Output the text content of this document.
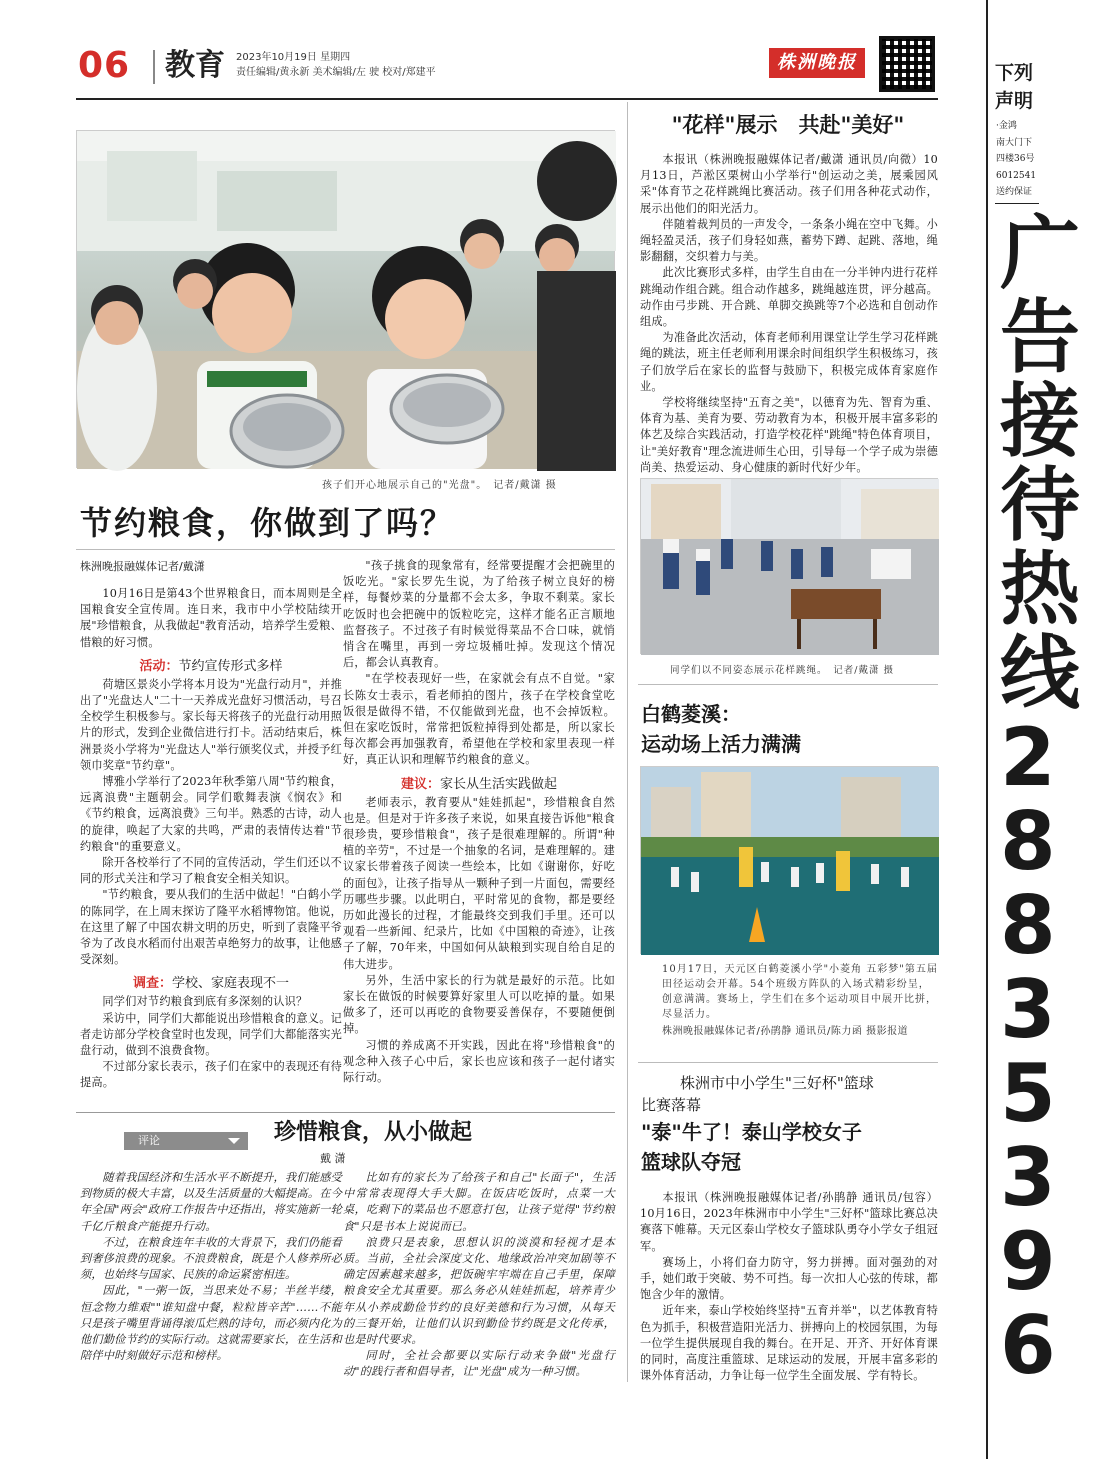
06 教育 2023年10月19日 星期四
责任编辑/黄永新 美术编辑/左 驶 校对/郑建平	株洲晚报	下列
声明
·金鸿
南大门下
四楼36号
6012541
送约保证
广
告
接
待
热
线
2
8
8
3
5
3
9
6
孩子们开心地展示自己的"光盘"。　记者/戴潇 摄
节约粮食，你做到了吗？
株洲晚报融媒体记者/戴潇

10月16日是第43个世界粮食日，而本周则是全国粮食安全宣传周。连日来，我市中小学校陆续开展"珍惜粮食，从我做起"教育活动，培养学生爱粮、惜粮的好习惯。

活动：节约宣传形式多样

荷塘区景炎小学将本月设为"光盘行动月"，并推出了"光盘达人"二十一天养成光盘好习惯活动，号召全校学生积极参与。家长每天将孩子的光盘行动用照片的形式，发到企业微信进行打卡。活动结束后，株洲景炎小学将为"光盘达人"举行颁奖仪式，并授予红领巾奖章"节约章"。

博雅小学举行了2023年秋季第八周"节约粮食，远离浪费"主题朝会。同学们歌舞表演《悯农》和《节约粮食，远离浪费》三句半。熟悉的古诗，动人的旋律，唤起了大家的共鸣，严肃的表情传达着"节约粮食"的重要意义。

除开各校举行了不同的宣传活动，学生们还以不同的形式关注和学习了粮食安全相关知识。

"节约粮食，要从我们的生活中做起！"白鹤小学的陈同学，在上周末探访了隆平水稻博物馆。他说，在这里了解了中国农耕文明的历史，听到了袁隆平爷爷为了改良水稻而付出艰苦卓绝努力的故事，让他感受深刻。

调查：学校、家庭表现不一

同学们对节约粮食到底有多深刻的认识？

采访中，同学们大都能说出珍惜粮食的意义。记者走访部分学校食堂时也发现，同学们大都能落实光盘行动，做到不浪费食物。

不过部分家长表示，孩子们在家中的表现还有待提高。

"孩子挑食的现象常有，经常要提醒才会把碗里的饭吃光。"家长罗先生说，为了给孩子树立良好的榜样，每餐炒菜的分量都不会太多，争取不剩菜。家长吃饭时也会把碗中的饭粒吃完，这样才能名正言顺地监督孩子。不过孩子有时候觉得菜品不合口味，就悄悄含在嘴里，再到一旁垃圾桶吐掉。发现这个情况后，都会认真教育。

"在学校表现好一些，在家就会有点不自觉。"家长陈女士表示，看老师拍的图片，孩子在学校食堂吃饭很是做得不错，不仅能做到光盘，也不会掉饭粒。但在家吃饭时，常常把饭粒掉得到处都是，所以家长每次都会再加强教育，希望他在学校和家里表现一样好，真正认识和理解节约粮食的意义。

建议：家长从生活实践做起

老师表示，教育要从"娃娃抓起"，珍惜粮食自然也是。但是对于许多孩子来说，如果直接告诉他"粮食很珍贵，要珍惜粮食"，孩子是很难理解的。所谓"种植的辛劳"，不过是一个抽象的名词，是难理解的。建议家长带着孩子阅读一些绘本，比如《谢谢你，好吃的面包》，让孩子指导从一颗种子到一片面包，需要经历哪些步骤。以此明白，平时常见的食物，都是要经历如此漫长的过程，才能最终交到我们手里。还可以观看一些新闻、纪录片，比如《中国粮的奇迹》，让孩子了解，70年来，中国如何从缺粮到实现自给自足的伟大进步。

另外，生活中家长的行为就是最好的示范。比如家长在做饭的时候要算好家里人可以吃掉的量。如果做多了，还可以再吃的食物要妥善保存，不要随便倒掉。

习惯的养成离不开实践，因此在将"珍惜粮食"的观念种入孩子心中后，家长也应该和孩子一起付诸实际行动。

评论	珍惜粮食，从小做起
戴 潇

随着我国经济和生活水平不断提升，我们能感受到物质的极大丰富，以及生活质量的大幅提高。在今年全国"两会"政府工作报告中还指出，将实施新一轮千亿斤粮食产能提升行动。

不过，在粮食连年丰收的大背景下，我们仍能看到奢侈浪费的现象。不浪费粮食，既是个人修养所必须，也始终与国家、民族的命运紧密相连。

因此，"一粥一饭，当思来处不易；半丝半缕，恒念物力维艰""谁知盘中餐，粒粒皆辛苦"……不能只是孩子嘴里背诵得滚瓜烂熟的诗句，而必须内化为他们勤俭节约的实际行动。这就需要家长，在生活和陪伴中时刻做好示范和榜样。

比如有的家长为了给孩子和自己"长面子"，生活中常常表现得大手大脚。在饭店吃饭时，点菜一大桌，吃剩下的菜品也不愿意打包，让孩子觉得"节约粮食"只是书本上说说而已。

浪费只是表象，思想认识的淡漠和轻视才是本质。当前，全社会深度文化、地缘政治冲突加剧等不确定因素越来越多，把饭碗牢牢端在自己手里，保障粮食安全尤其重要。那么务必从娃娃抓起，培养青少年从小养成勤俭节约的良好美德和行为习惯，从每天的三餐开始，让他们认识到勤俭节约既是文化传承，也是时代要求。

同时，全社会都要以实际行动来争做"光盘行动"的践行者和倡导者，让"光盘"成为一种习惯。

"花样"展示　共赴"美好"

本报讯（株洲晚报融媒体记者/戴潇 通讯员/向微）10月13日，芦淞区栗树山小学举行"创运动之美，展乘园风采"体育节之花样跳绳比赛活动。孩子们用各种花式动作，展示出他们的阳光活力。

伴随着裁判员的一声发令，一条条小绳在空中飞舞。小绳轻盈灵活，孩子们身轻如燕，蓄势下蹲、起跳、落地，绳影翻翻，交织着力与美。

此次比赛形式多样，由学生自由在一分半钟内进行花样跳绳动作组合跳。组合动作越多，跳绳越连贯，评分越高。动作由弓步跳、开合跳、单脚交换跳等7个必选和自创动作组成。

为准备此次活动，体育老师利用课堂让学生学习花样跳绳的跳法，班主任老师利用课余时间组织学生积极练习，孩子们放学后在家长的监督与鼓励下，积极完成体育家庭作业。

学校将继续坚持"五育之美"，以德育为先、智育为重、体育为基、美育为要、劳动教育为本，积极开展丰富多彩的体艺及综合实践活动，打造学校花样"跳绳"特色体育项目，让"美好教育"理念流进师生心田，引导每一个学子成为崇德尚美、热爱运动、身心健康的新时代好少年。

同学们以不同姿态展示花样跳绳。　记者/戴潇 摄
白鹤菱溪：
运动场上活力满满
10月17日，天元区白鹤菱溪小学"小菱角 五彩梦"第五届田径运动会开幕。54个班级方阵队的入场式精彩纷呈，创意满满。赛场上，学生们在多个运动项目中展开比拼，尽显活力。
株洲晚报融媒体记者/孙鹃静 通讯员/陈力函 摄影报道
株洲市中小学生"三好杯"篮球
比赛落幕
"泰"牛了！泰山学校女子
篮球队夺冠

本报讯（株洲晚报融媒体记者/孙鹃静 通讯员/包容）10月16日，2023年株洲市中小学生"三好杯"篮球比赛总决赛落下帷幕。天元区泰山学校女子篮球队勇夺小学女子组冠军。

赛场上，小将们奋力防守，努力拼搏。面对强劲的对手，她们敢于突破、势不可挡。每一次扣人心弦的传球，都饱含少年的激情。

近年来，泰山学校始终坚持"五育并举"，以艺体教育特色为抓手，积极营造阳光活力、拼搏向上的校园氛围，为每一位学生提供展现自我的舞台。在开足、开齐、开好体育课的同时，高度注重篮球、足球运动的发展，开展丰富多彩的课外体育活动，力争让每一位学生全面发展、学有特长。
